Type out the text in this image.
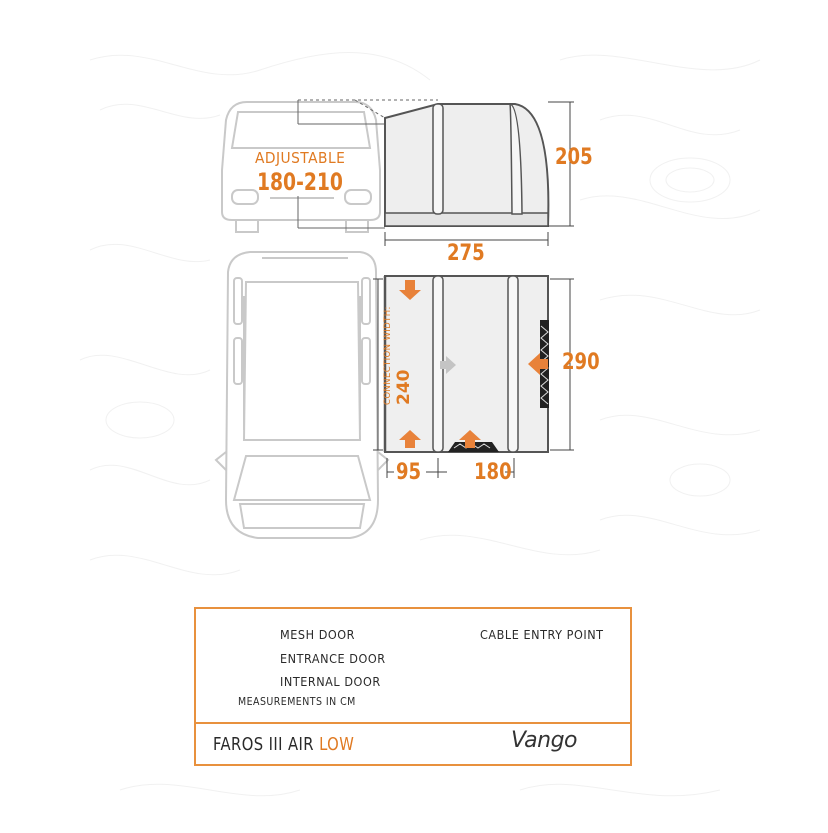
ADJUSTABLE
180-210
205
275
290
CONNECTION WIDTH: 240
95 180
MESH DOOR
ENTRANCE DOOR
INTERNAL DOOR
CABLE ENTRY POINT
MEASUREMENTS IN CM
FAROS III AIR LOW	Vango
